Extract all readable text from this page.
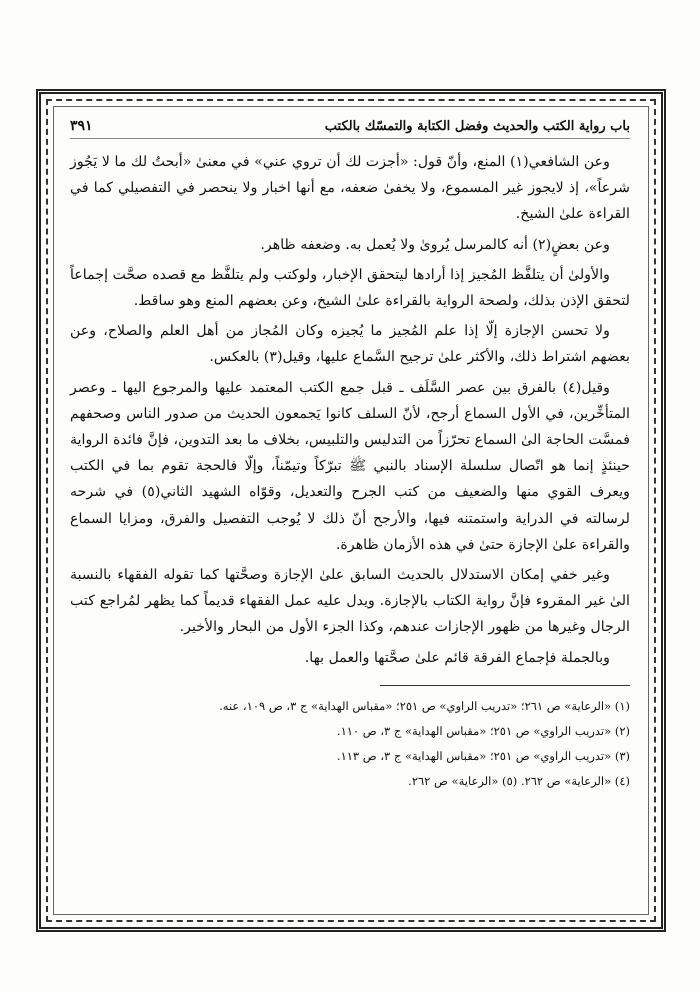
باب رواية الكتب والحديث وفضل الكتابة والتمسّك بالكتب
٣٩١

وعن الشافعي(١) المنع، وأنّ قول: «أجزت لك أن تروي عني» في معنىٰ «أبحتُ لك ما لا يَجُوز شرعاً»، إذ لايجوز غير المسموع، ولا يخفىٰ ضعفه، مع أنها اخبار ولا ينحصر في التفصيلي كما في القراءة علىٰ الشيخ.

وعن بعضٍ(٢) أنه كالمرسل يُروىٰ ولا يُعمل به. وضعفه ظاهر.

والأولىٰ أن يتلفَّظ المُجيز إذا أرادها ليتحقق الإخبار، ولوكتب ولم يتلفَّظ مع قصده صحَّت إجماعاً لتحقق الإذن بذلك، ولصحة الرواية بالقراءة علىٰ الشيخ، وعن بعضهم المنع وهو ساقط.

ولا تحسن الإجازة إلّا إذا علم المُجيز ما يُجيزه وكان المُجاز من أهل العلم والصلاح، وعن بعضهم اشتراط ذلك، والأكثر علىٰ ترجيح السَّماع عليها، وقيل(٣) بالعكس.

وقيل(٤) بالفرق بين عصر السَّلَف ـ قبل جمع الكتب المعتمد عليها والمرجوع اليها ـ وعصر المتأخِّرين، في الأول السماع أرجح، لأنّ السلف كانوا يَجمعون الحديث من صدور الناس وصحفهم فمسَّت الحاجة الىٰ السماع تحرّزاً من التدليس والتلبيس، بخلاف ما بعد التدوين، فإنَّ فائدة الرواية حينئذٍ إنما هو اتّصال سلسلة الإسناد بالنبي ﷺ تبرّكاً وتيمّناً، وإلّا فالحجة تقوم بما في الكتب ويعرف القوي منها والضعيف من كتب الجرح والتعديل، وقوّاه الشهيد الثاني(٥) في شرحه لرسالته في الدراية واستمتنه فيها، والأرجح أنّ ذلك لا يُوجب التفصيل والفرق، ومزايا السماع والقراءة علىٰ الإجازة حتىٰ في هذه الأزمان ظاهرة.

وغير خفي إمكان الاستدلال بالحديث السابق علىٰ الإجازة وصحَّتها كما تقوله الفقهاء بالنسبة الىٰ غير المقروء فإنَّ رواية الكتاب بالإجازة. ويدل عليه عمل الفقهاء قديماً كما يظهر لمُراجع كتب الرجال وغيرها من ظهور الإجازات عندهم، وكذا الجزء الأول من البحار والأخير.

وبالجملة فإجماع الفرقة قائم علىٰ صحَّتها والعمل بها.

(١) «الرعاية» ص ٢٦١؛ «تدريب الراوي» ص ٢٥١؛ «مقباس الهداية» ج ٣، ص ١٠٩، عنه.
(٢) «تدريب الراوي» ص ٢٥١؛ «مقباس الهداية» ج ٣، ص ١١٠.
(٣) «تدريب الراوي» ص ٢٥١؛ «مقباس الهداية» ج ٣، ص ١١٣.
(٤) «الرعاية» ص ٢٦٢. (٥) «الرعاية» ص ٢٦٢.
